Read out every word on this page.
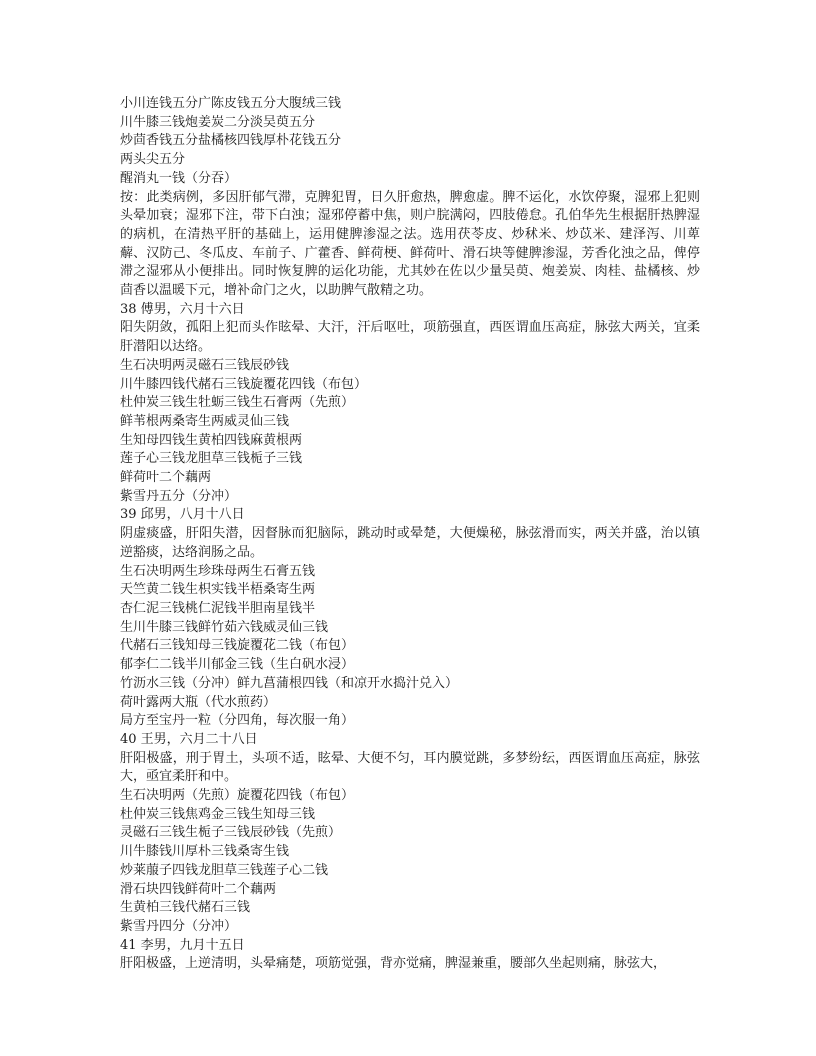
小川连钱五分广陈皮钱五分大腹绒三钱
川牛膝三钱炮姜炭二分淡吴萸五分
炒茴香钱五分盐橘核四钱厚朴花钱五分
两头尖五分
醒消丸一钱（分吞）
按：此类病例，多因肝郁气滞，克脾犯胃，日久肝愈热，脾愈虚。脾不运化，水饮停聚，湿邪上犯则头晕加衰；湿邪下注，带下白浊；湿邪停蓄中焦，则户脘满闷，四肢倦怠。孔伯华先生根据肝热脾湿的病机，在清热平肝的基础上，运用健脾渗湿之法。选用茯苓皮、炒秫米、炒苡米、建泽泻、川萆薢、汉防己、冬瓜皮、车前子、广藿香、鲜荷梗、鲜荷叶、滑石块等健脾渗湿，芳香化浊之品，俾停滞之湿邪从小便排出。同时恢复脾的运化功能，尤其妙在佐以少量吴萸、炮姜炭、肉桂、盐橘核、炒茴香以温暖下元，增补命门之火，以助脾气散精之功。
38 傅男，六月十六日
阳失阴敛，孤阳上犯而头作眩晕、大汗，汗后呕吐，项筋强直，西医谓血压高症，脉弦大两关，宜柔肝潜阳以达络。
生石决明两灵磁石三钱辰砂钱
川牛膝四钱代赭石三钱旋覆花四钱（布包）
杜仲炭三钱生牡蛎三钱生石膏两（先煎）
鲜苇根两桑寄生两威灵仙三钱
生知母四钱生黄柏四钱麻黄根两
莲子心三钱龙胆草三钱栀子三钱
鲜荷叶二个藕两
紫雪丹五分（分冲）
39 邱男，八月十八日
阴虚痰盛，肝阳失潜，因督脉而犯脑际，跳动时或晕楚，大便燥秘，脉弦滑而实，两关并盛，治以镇逆豁痰，达络润肠之品。
生石决明两生珍珠母两生石膏五钱
天竺黄二钱生枳实钱半梧桑寄生两
杏仁泥三钱桃仁泥钱半胆南星钱半
生川牛膝三钱鲜竹茹六钱威灵仙三钱
代赭石三钱知母三钱旋覆花二钱（布包）
郁李仁二钱半川郁金三钱（生白矾水浸）
竹沥水三钱（分冲）鲜九菖蒲根四钱（和凉开水捣汁兑入）
荷叶露两大瓶（代水煎药）
局方至宝丹一粒（分四角，每次服一角）
40 王男，六月二十八日
肝阳极盛，刑于胃土，头项不适，眩晕、大便不匀，耳内膜觉跳，多梦纷纭，西医谓血压高症，脉弦大，亟宜柔肝和中。
生石决明两（先煎）旋覆花四钱（布包）
杜仲炭三钱焦鸡金三钱生知母三钱
灵磁石三钱生栀子三钱辰砂钱（先煎）
川牛膝钱川厚朴三钱桑寄生钱
炒莱菔子四钱龙胆草三钱莲子心二钱
滑石块四钱鲜荷叶二个藕两
生黄柏三钱代赭石三钱
紫雪丹四分（分冲）
41 李男，九月十五日
肝阳极盛，上逆清明，头晕痛楚，项筋觉强，背亦觉痛，脾湿兼重，腰部久坐起则痛，脉弦大，
